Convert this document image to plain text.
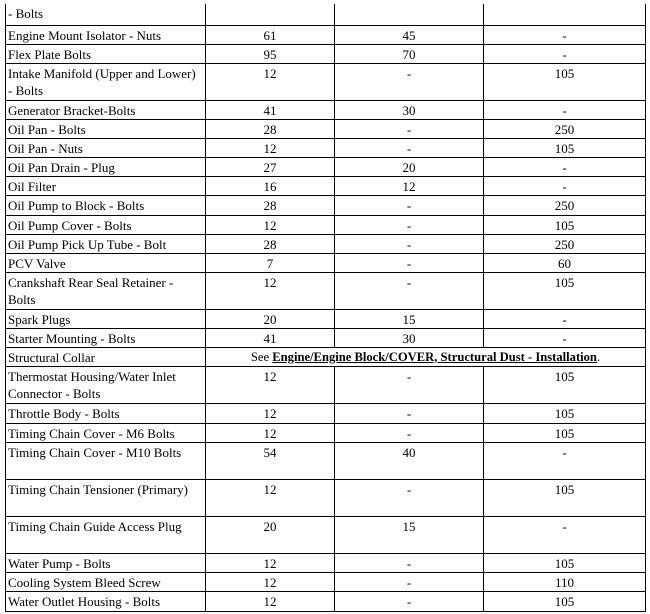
- Bolts			
Engine Mount Isolator - Nuts	61	45	-
Flex Plate Bolts	95	70	-
Intake Manifold (Upper and Lower) - Bolts	12	-	105
Generator Bracket-Bolts	41	30	-
Oil Pan - Bolts	28	-	250
Oil Pan - Nuts	12	-	105
Oil Pan Drain - Plug	27	20	-
Oil Filter	16	12	-
Oil Pump to Block - Bolts	28	-	250
Oil Pump Cover - Bolts	12	-	105
Oil Pump Pick Up Tube - Bolt	28	-	250
PCV Valve	7	-	60
Crankshaft Rear Seal Retainer - Bolts	12	-	105
Spark Plugs	20	15	-
Starter Mounting - Bolts	41	30	-
Structural Collar	See Engine/Engine Block/COVER, Structural Dust - Installation.		
Thermostat Housing/Water Inlet Connector - Bolts	12	-	105
Throttle Body - Bolts	12	-	105
Timing Chain Cover - M6 Bolts	12	-	105
Timing Chain Cover - M10 Bolts	54	40	-
Timing Chain Tensioner (Primary)	12	-	105
Timing Chain Guide Access Plug	20	15	-
Water Pump - Bolts	12	-	105
Cooling System Bleed Screw	12	-	110
Water Outlet Housing - Bolts	12	-	105
